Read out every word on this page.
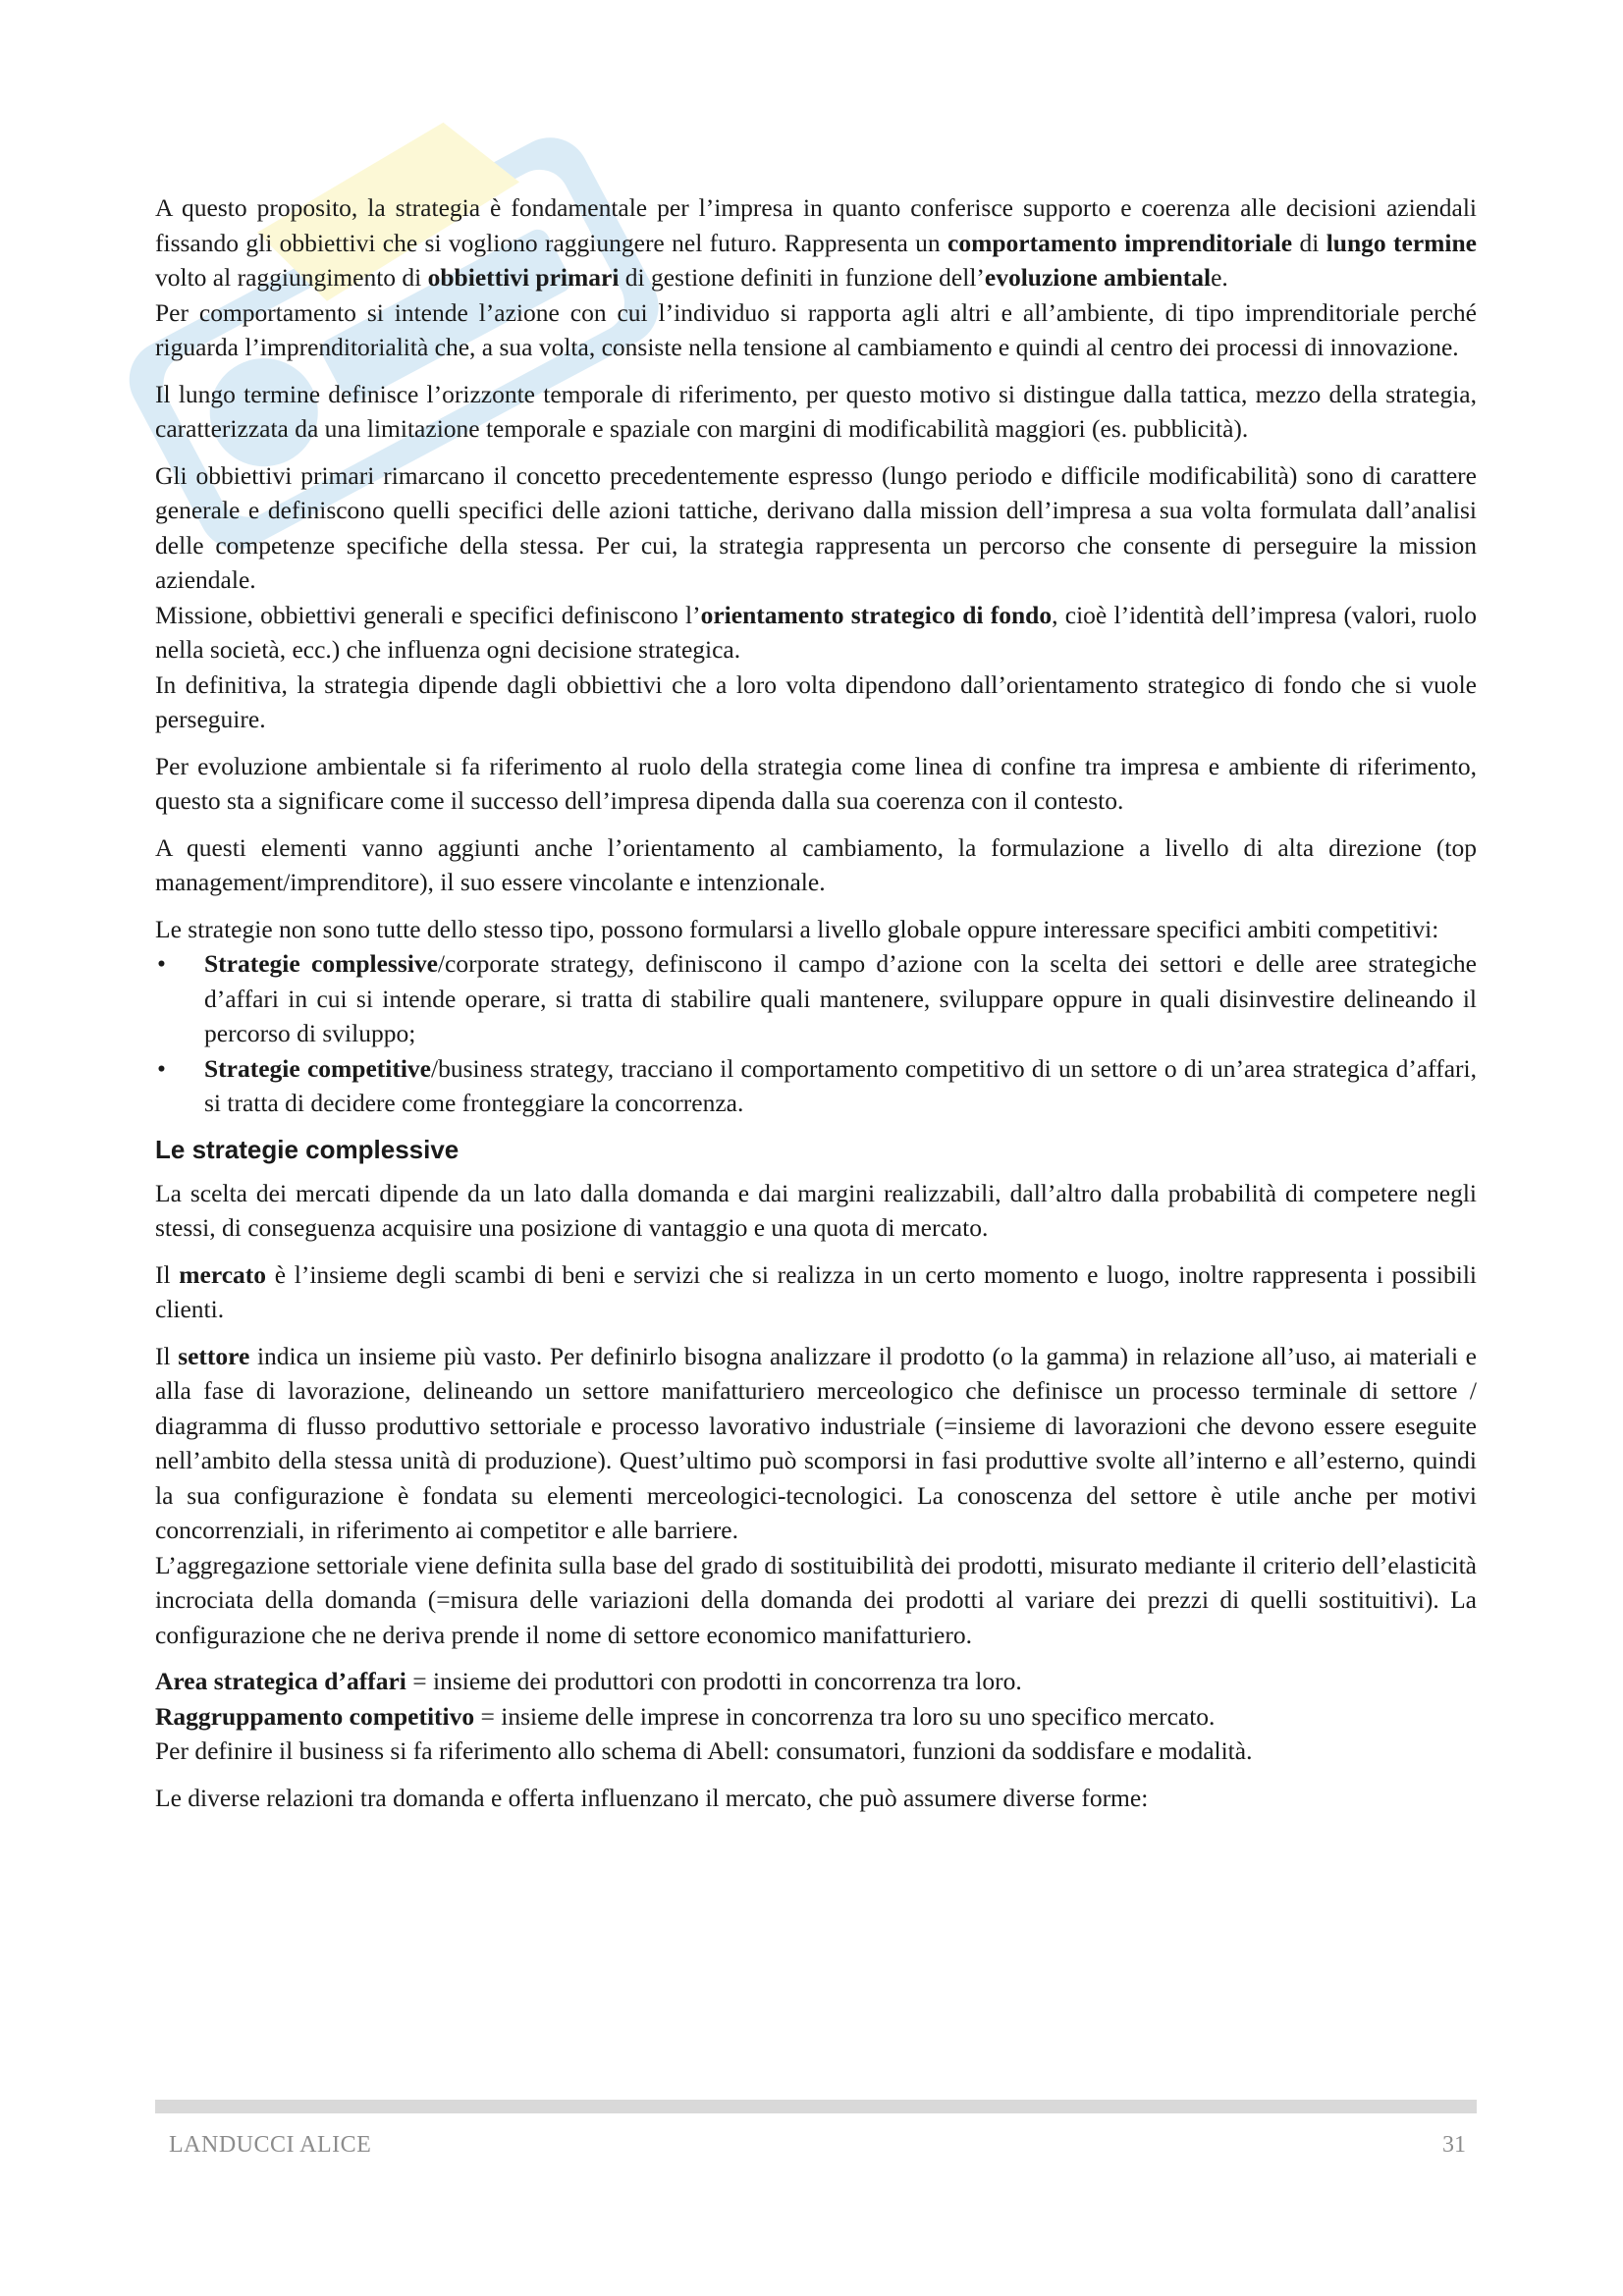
A questo proposito, la strategia è fondamentale per l’impresa in quanto conferisce supporto e coerenza alle decisioni aziendali fissando gli obbiettivi che si vogliono raggiungere nel futuro. Rappresenta un comportamento imprenditoriale di lungo termine volto al raggiungimento di obbiettivi primari di gestione definiti in funzione dell’evoluzione ambientale.

Per comportamento si intende l’azione con cui l’individuo si rapporta agli altri e all’ambiente, di tipo imprenditoriale perché riguarda l’imprenditorialità che, a sua volta, consiste nella tensione al cambiamento e quindi al centro dei processi di innovazione.

Il lungo termine definisce l’orizzonte temporale di riferimento, per questo motivo si distingue dalla tattica, mezzo della strategia, caratterizzata da una limitazione temporale e spaziale con margini di modificabilità maggiori (es. pubblicità).

Gli obbiettivi primari rimarcano il concetto precedentemente espresso (lungo periodo e difficile modificabilità) sono di carattere generale e definiscono quelli specifici delle azioni tattiche, derivano dalla mission dell’impresa a sua volta formulata dall’analisi delle competenze specifiche della stessa. Per cui, la strategia rappresenta un percorso che consente di perseguire la mission aziendale.

Missione, obbiettivi generali e specifici definiscono l’orientamento strategico di fondo, cioè l’identità dell’impresa (valori, ruolo nella società, ecc.) che influenza ogni decisione strategica.

In definitiva, la strategia dipende dagli obbiettivi che a loro volta dipendono dall’orientamento strategico di fondo che si vuole perseguire.

Per evoluzione ambientale si fa riferimento al ruolo della strategia come linea di confine tra impresa e ambiente di riferimento, questo sta a significare come il successo dell’impresa dipenda dalla sua coerenza con il contesto.

A questi elementi vanno aggiunti anche l’orientamento al cambiamento, la formulazione a livello di alta direzione (top management/imprenditore), il suo essere vincolante e intenzionale.

Le strategie non sono tutte dello stesso tipo, possono formularsi a livello globale oppure interessare specifici ambiti competitivi:

• Strategie complessive/corporate strategy, definiscono il campo d’azione con la scelta dei settori e delle aree strategiche d’affari in cui si intende operare, si tratta di stabilire quali mantenere, sviluppare oppure in quali disinvestire delineando il percorso di sviluppo;
• Strategie competitive/business strategy, tracciano il comportamento competitivo di un settore o di un’area strategica d’affari, si tratta di decidere come fronteggiare la concorrenza.
Le strategie complessive

La scelta dei mercati dipende da un lato dalla domanda e dai margini realizzabili, dall’altro dalla probabilità di competere negli stessi, di conseguenza acquisire una posizione di vantaggio e una quota di mercato.

Il mercato è l’insieme degli scambi di beni e servizi che si realizza in un certo momento e luogo, inoltre rappresenta i possibili clienti.

Il settore indica un insieme più vasto. Per definirlo bisogna analizzare il prodotto (o la gamma) in relazione all’uso, ai materiali e alla fase di lavorazione, delineando un settore manifatturiero merceologico che definisce un processo terminale di settore / diagramma di flusso produttivo settoriale e processo lavorativo industriale (=insieme di lavorazioni che devono essere eseguite nell’ambito della stessa unità di produzione). Quest’ultimo può scomporsi in fasi produttive svolte all’interno e all’esterno, quindi la sua configurazione è fondata su elementi merceologici-tecnologici. La conoscenza del settore è utile anche per motivi concorrenziali, in riferimento ai competitor e alle barriere.

L’aggregazione settoriale viene definita sulla base del grado di sostituibilità dei prodotti, misurato mediante il criterio dell’elasticità incrociata della domanda (=misura delle variazioni della domanda dei prodotti al variare dei prezzi di quelli sostituitivi). La configurazione che ne deriva prende il nome di settore economico manifatturiero.

Area strategica d’affari = insieme dei produttori con prodotti in concorrenza tra loro.

Raggruppamento competitivo = insieme delle imprese in concorrenza tra loro su uno specifico mercato.

Per definire il business si fa riferimento allo schema di Abell: consumatori, funzioni da soddisfare e modalità.

Le diverse relazioni tra domanda e offerta influenzano il mercato, che può assumere diverse forme:

LANDUCCI ALICE	31
